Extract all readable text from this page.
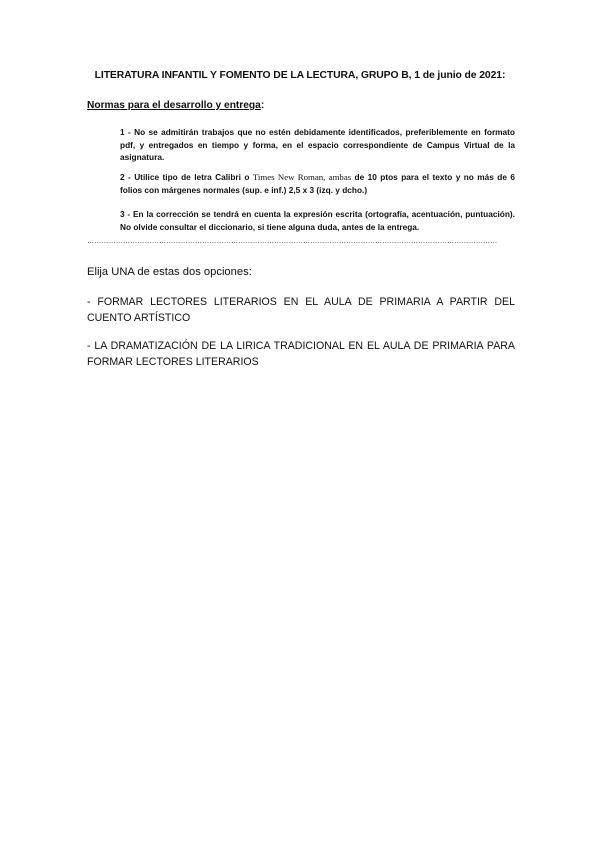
LITERATURA INFANTIL Y FOMENTO DE LA LECTURA, GRUPO B, 1 de junio de 2021:
Normas para el desarrollo y entrega:
1 - No se admitirán trabajos que no estén debidamente identificados, preferiblemente en formato pdf, y entregados en tiempo y forma, en el espacio correspondiente de Campus Virtual de la asignatura.
2 - Utilice tipo de letra Calibri o Times New Roman, ambas de 10 ptos para el texto y no más de 6 folios con márgenes normales (sup. e inf.) 2,5 x 3 (izq. y dcho.)
3 - En la corrección se tendrá en cuenta la expresión escrita (ortografía, acentuación, puntuación). No olvide consultar el diccionario, si tiene alguna duda, antes de la entrega.
………………………………………………………………………………………………………………………………………………………
Elija UNA de estas dos opciones:
- FORMAR LECTORES LITERARIOS EN EL AULA DE PRIMARIA A PARTIR DEL CUENTO ARTÍSTICO
- LA DRAMATIZACIÓN DE LA LIRICA TRADICIONAL EN EL AULA DE PRIMARIA PARA FORMAR LECTORES LITERARIOS
